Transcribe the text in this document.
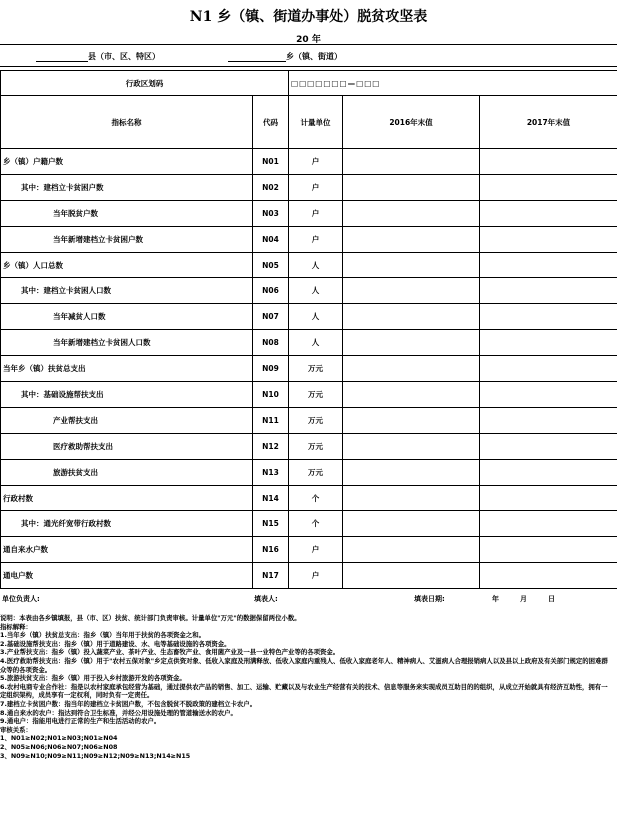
N1 乡（镇、街道办事处）脱贫攻坚表
20 年
县（市、区、特区）	乡（镇、街道）
行政区划码		□□□□□□□—□□□		
指标名称	代码	计量单位	2016年末值	2017年末值
乡（镇）户籍户数	N01	户		
其中：建档立卡贫困户数	N02	户		
当年脱贫户数	N03	户		
当年新增建档立卡贫困户数	N04	户		
乡（镇）人口总数	N05	人		
其中：建档立卡贫困人口数	N06	人		
当年减贫人口数	N07	人		
当年新增建档立卡贫困人口数	N08	人		
当年乡（镇）扶贫总支出	N09	万元		
其中：基础设施帮扶支出	N10	万元		
产业帮扶支出	N11	万元		
医疗救助帮扶支出	N12	万元		
旅游扶贫支出	N13	万元		
行政村数	N14	个		
其中：通光纤宽带行政村数	N15	个		
通自来水户数	N16	户		
通电户数	N17	户		
单位负责人:	填表人:	填表日期:	年	月	日
说明：本表由各乡镇填报，县（市、区）扶贫、统计部门负责审核。计量单位"万元"的数据保留两位小数。
指标解释：
1.当年乡（镇）扶贫总支出：指乡（镇）当年用于扶贫的各项资金之和。
2.基础设施帮扶支出：指乡（镇）用于道路建设、水、电等基础设施的各项资金。
3.产业帮扶支出：指乡（镇）投入蔬菜产业、茶叶产业、生态畜牧产业、食用菌产业及一县一业特色产业等的各项资金。
4.医疗救助帮扶支出：指乡（镇）用于"农村五保对象"乡定点供资对象、低收入家庭及刑满释放、低收入家庭内重残人、低收入家庭老年人、精神病人、艾滋病人合理报销病人以及县以上政府及有关部门规定的困难群众等的各项资金。
5.旅游扶贫支出：指乡（镇）用于投入乡村旅游开发的各项资金。
6.农村电商专业合作社：指是以农村家庭承包经营为基础，通过提供农产品的销售、加工、运输、贮藏以及与农业生产经营有关的技术、信息等服务来实现成员互助目的的组织，从成立开始就具有经济互助性，拥有一定组织架构，成员享有一定权利，同时负有一定责任。
7.建档立卡贫困户数：指当年的建档立卡贫困户数，不包含脱贫不脱政策的建档立卡农户。
8.通自来水的农户：指达到符合卫生标准，并经公用设施处理的管道输送水的农户。
9.通电户：指能用电进行正常的生产和生活活动的农户。
审核关系：
1、N01≥N02;N01≥N03;N01≥N04
2、N05≥N06;N06≥N07;N06≥N08
3、N09≥N10;N09≥N11;N09≥N12;N09≥N13;N14≥N15
